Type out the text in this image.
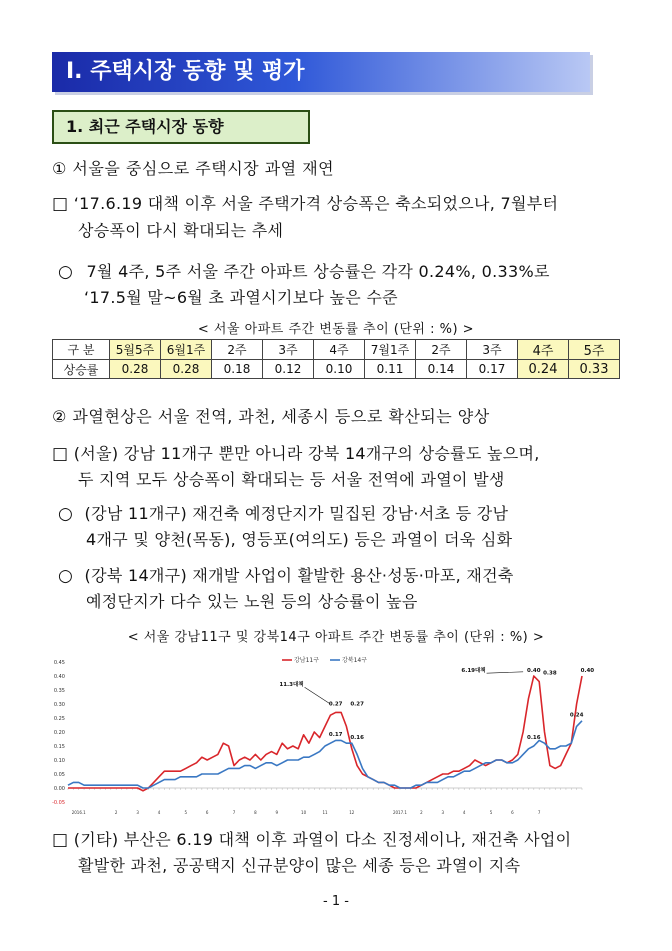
Ⅰ. 주택시장 동향 및 평가
1. 최근 주택시장 동향
① 서울을 중심으로 주택시장 과열 재연
□ ‘17.6.19 대책 이후 서울 주택가격 상승폭은 축소되었으나, 7월부터
상승폭이 다시 확대되는 추세
○ 7월 4주, 5주 서울 주간 아파트 상승률은 각각 0.24%, 0.33%로
‘17.5월 말~6월 초 과열시기보다 높은 수준
< 서울 아파트 주간 변동률 추이 (단위 : %) >
구 분	5월5주	6월1주	2주	3주	4주	7월1주	2주	3주	4주	5주
상승률	0.28	0.28	0.18	0.12	0.10	0.11	0.14	0.17	0.24	0.33
② 과열현상은 서울 전역, 과천, 세종시 등으로 확산되는 양상
□ (서울) 강남 11개구 뿐만 아니라 강북 14개구의 상승률도 높으며,
두 지역 모두 상승폭이 확대되는 등 서울 전역에 과열이 발생
○ (강남 11개구) 재건축 예정단지가 밀집된 강남·서초 등 강남
4개구 및 양천(목동), 영등포(여의도) 등은 과열이 더욱 심화
○ (강북 14개구) 재개발 사업이 활발한 용산·성동·마포, 재건축
예정단지가 다수 있는 노원 등의 상승률이 높음
< 서울 강남11구 및 강북14구 아파트 주간 변동률 추이 (단위 : %) >
0.45
0.40
0.35
0.30
0.25
0.20
0.15
0.10
0.05
0.00
-0.05
2016.1	2017.1
2	3	4	5	6	7	8	9	10	11	12	2	3	4	5	6	7
강남11구	강북14구
11.3대책
0.27 0.27
0.17 0.16
6.19대책	0.40 0.38	0.40
0.24
0.16
□ (기타) 부산은 6.19 대책 이후 과열이 다소 진정세이나, 재건축 사업이
활발한 과천, 공공택지 신규분양이 많은 세종 등은 과열이 지속
- 1 -
